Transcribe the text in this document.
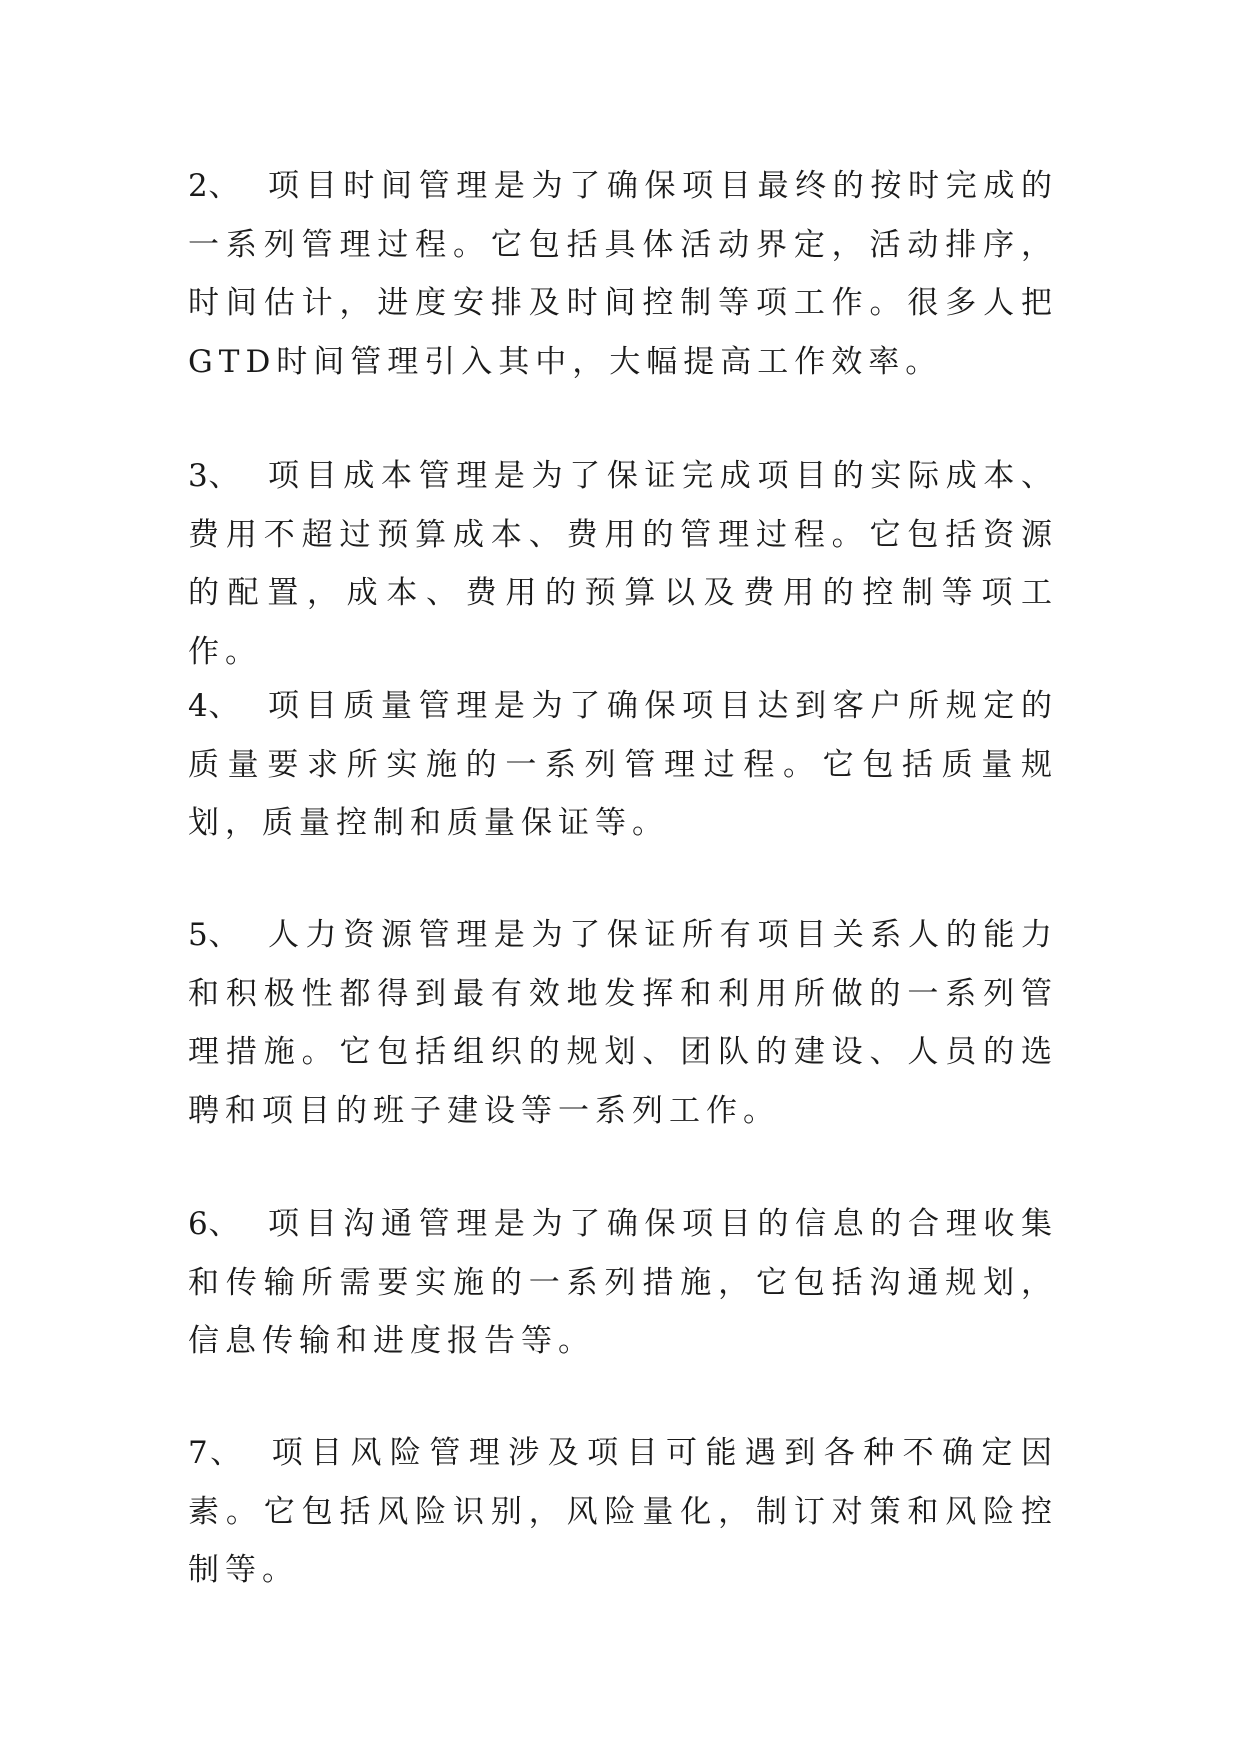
2、 项目时间管理是为了确保项目最终的按时完成的一系列管理过程。它包括具体活动界定，活动排序，时间估计，进度安排及时间控制等项工作。很多人把GTD时间管理引入其中，大幅提高工作效率。

3、 项目成本管理是为了保证完成项目的实际成本、费用不超过预算成本、费用的管理过程。它包括资源的配置，成本、费用的预算以及费用的控制等项工作。

4、 项目质量管理是为了确保项目达到客户所规定的质量要求所实施的一系列管理过程。它包括质量规划，质量控制和质量保证等。

5、 人力资源管理是为了保证所有项目关系人的能力和积极性都得到最有效地发挥和利用所做的一系列管理措施。它包括组织的规划、团队的建设、人员的选聘和项目的班子建设等一系列工作。

6、 项目沟通管理是为了确保项目的信息的合理收集和传输所需要实施的一系列措施，它包括沟通规划，信息传输和进度报告等。

7、 项目风险管理涉及项目可能遇到各种不确定因素。它包括风险识别，风险量化，制订对策和风险控制等。
